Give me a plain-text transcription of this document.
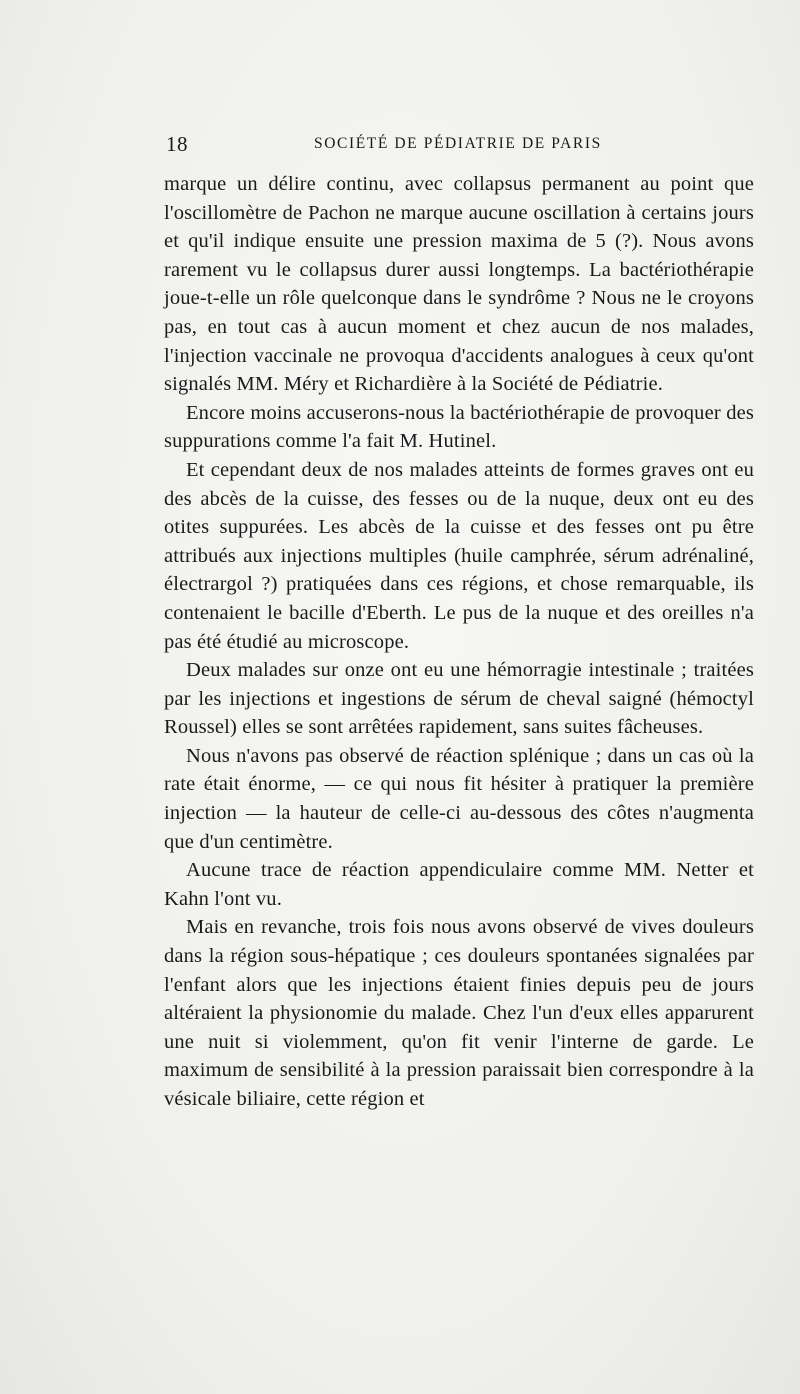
18	SOCIÉTÉ DE PÉDIATRIE DE PARIS

marque un délire continu, avec collapsus permanent au point que l'oscillomètre de Pachon ne marque aucune oscillation à certains jours et qu'il indique ensuite une pression maxima de 5 (?). Nous avons rarement vu le collapsus durer aussi longtemps. La bactériothérapie joue-t-elle un rôle quelconque dans le syndrôme ? Nous ne le croyons pas, en tout cas à aucun moment et chez aucun de nos malades, l'injection vaccinale ne provoqua d'accidents analogues à ceux qu'ont signalés MM. Méry et Richardière à la Société de Pédiatrie.

Encore moins accuserons-nous la bactériothérapie de provoquer des suppurations comme l'a fait M. Hutinel.

Et cependant deux de nos malades atteints de formes graves ont eu des abcès de la cuisse, des fesses ou de la nuque, deux ont eu des otites suppurées. Les abcès de la cuisse et des fesses ont pu être attribués aux injections multiples (huile camphrée, sérum adrénaliné, électrargol ?) pratiquées dans ces régions, et chose remarquable, ils contenaient le bacille d'Eberth. Le pus de la nuque et des oreilles n'a pas été étudié au microscope.

Deux malades sur onze ont eu une hémorragie intestinale ; traitées par les injections et ingestions de sérum de cheval saigné (hémoctyl Roussel) elles se sont arrêtées rapidement, sans suites fâcheuses.

Nous n'avons pas observé de réaction splénique ; dans un cas où la rate était énorme, — ce qui nous fit hésiter à pratiquer la première injection — la hauteur de celle-ci au-dessous des côtes n'augmenta que d'un centimètre.

Aucune trace de réaction appendiculaire comme MM. Netter et Kahn l'ont vu.

Mais en revanche, trois fois nous avons observé de vives douleurs dans la région sous-hépatique ; ces douleurs spontanées signalées par l'enfant alors que les injections étaient finies depuis peu de jours altéraient la physionomie du malade. Chez l'un d'eux elles apparurent une nuit si violemment, qu'on fit venir l'interne de garde. Le maximum de sensibilité à la pression paraissait bien correspondre à la vésicale biliaire, cette région et
